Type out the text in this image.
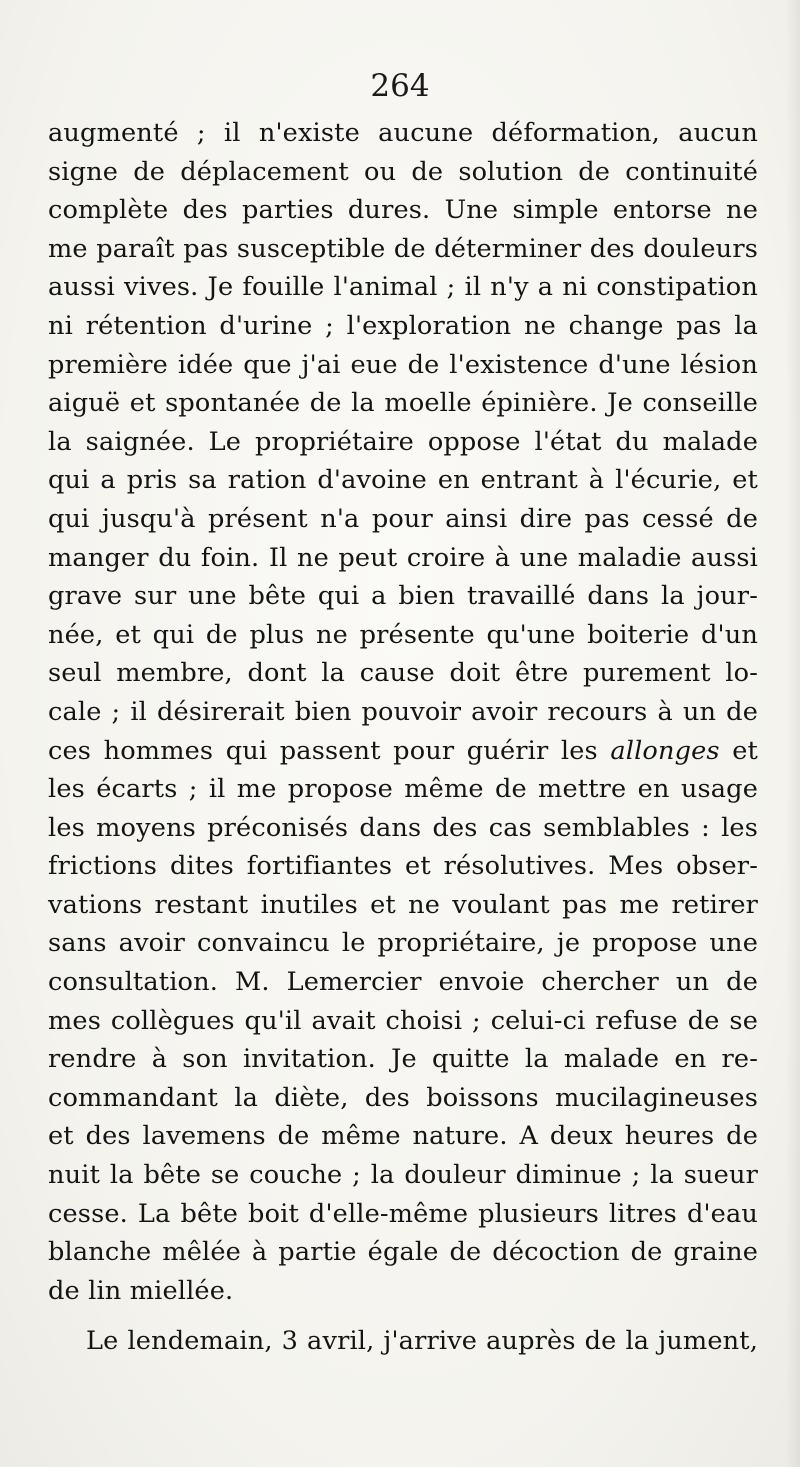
264
augmenté ; il n'existe aucune déformation, aucun
signe de déplacement ou de solution de continuité
complète des parties dures. Une simple entorse ne
me paraît pas susceptible de déterminer des douleurs
aussi vives. Je fouille l'animal ; il n'y a ni constipation
ni rétention d'urine ; l'exploration ne change pas la
première idée que j'ai eue de l'existence d'une lésion
aiguë et spontanée de la moelle épinière. Je conseille
la saignée. Le propriétaire oppose l'état du malade
qui a pris sa ration d'avoine en entrant à l'écurie, et
qui jusqu'à présent n'a pour ainsi dire pas cessé de
manger du foin. Il ne peut croire à une maladie aussi
grave sur une bête qui a bien travaillé dans la jour-
née, et qui de plus ne présente qu'une boiterie d'un
seul membre, dont la cause doit être purement lo-
cale ; il désirerait bien pouvoir avoir recours à un de
ces hommes qui passent pour guérir les allonges et
les écarts ; il me propose même de mettre en usage
les moyens préconisés dans des cas semblables : les
frictions dites fortifiantes et résolutives. Mes obser-
vations restant inutiles et ne voulant pas me retirer
sans avoir convaincu le propriétaire, je propose une
consultation. M. Lemercier envoie chercher un de
mes collègues qu'il avait choisi ; celui-ci refuse de se
rendre à son invitation. Je quitte la malade en re-
commandant la diète, des boissons mucilagineuses
et des lavemens de même nature. A deux heures de
nuit la bête se couche ; la douleur diminue ; la sueur
cesse. La bête boit d'elle-même plusieurs litres d'eau
blanche mêlée à partie égale de décoction de graine
de lin miellée.
Le lendemain, 3 avril, j'arrive auprès de la jument,
